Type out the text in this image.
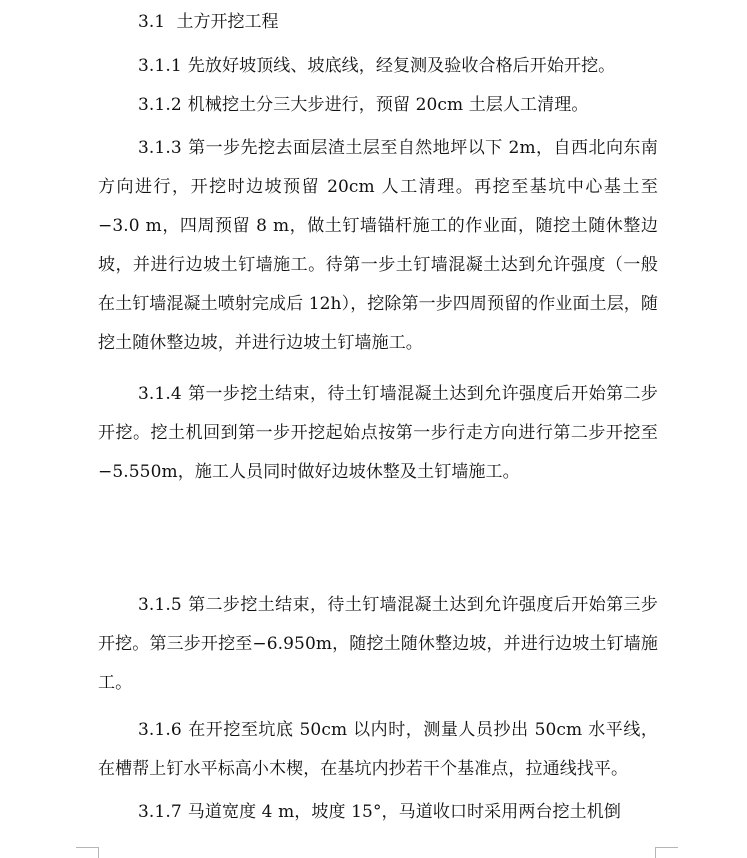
3.1 土方开挖工程

3.1.1 先放好坡顶线、坡底线，经复测及验收合格后开始开挖。

3.1.2 机械挖土分三大步进行，预留 20cm 土层人工清理。

3.1.3 第一步先挖去面层渣土层至自然地坪以下 2m，自西北向东南方向进行，开挖时边坡预留 20cm 人工清理。再挖至基坑中心基土至−3.0 m，四周预留 8 m，做土钉墙锚杆施工的作业面，随挖土随休整边坡，并进行边坡土钉墙施工。待第一步土钉墙混凝土达到允许强度（一般在土钉墙混凝土喷射完成后 12h），挖除第一步四周预留的作业面土层，随挖土随休整边坡，并进行边坡土钉墙施工。

3.1.4 第一步挖土结束，待土钉墙混凝土达到允许强度后开始第二步开挖。挖土机回到第一步开挖起始点按第一步行走方向进行第二步开挖至−5.550m，施工人员同时做好边坡休整及土钉墙施工。

3.1.5 第二步挖土结束，待土钉墙混凝土达到允许强度后开始第三步开挖。第三步开挖至−6.950m，随挖土随休整边坡，并进行边坡土钉墙施工。

3.1.6 在开挖至坑底 50cm 以内时，测量人员抄出 50cm 水平线，在槽帮上钉水平标高小木楔，在基坑内抄若干个基准点，拉通线找平。

3.1.7 马道宽度 4 m，坡度 15°，马道收口时采用两台挖土机倒
